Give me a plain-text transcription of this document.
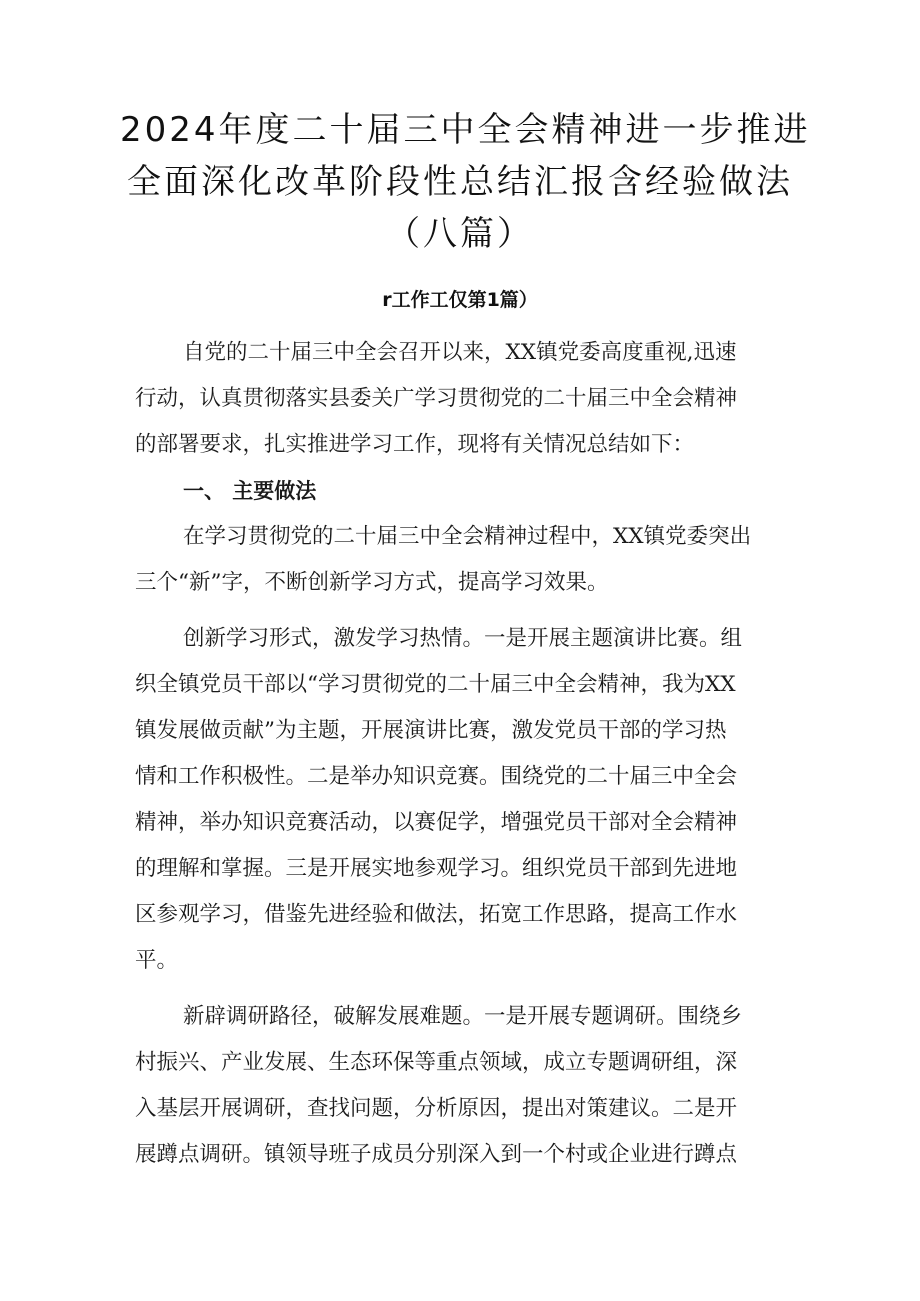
2024年度二十届三中全会精神进一步推进
全面深化改革阶段性总结汇报含经验做法
（八篇）
r工作工仅第1篇）
自党的二十届三中全会召开以来，XX镇党委高度重视,迅速
行动，认真贯彻落实县委关广学习贯彻党的二十届三中全会精神
的部署要求，扎实推进学习工作，现将有关情况总结如下：
一、 主要做法
在学习贯彻党的二十届三中全会精神过程中，XX镇党委突出
三个“新”字，不断创新学习方式，提高学习效果。
创新学习形式，激发学习热情。一是开展主题演讲比赛。组
织全镇党员干部以“学习贯彻党的二十届三中全会精神，我为XX
镇发展做贡献”为主题，开展演讲比赛，激发党员干部的学习热
情和工作积极性。二是举办知识竞赛。围绕党的二十届三中全会
精神，举办知识竞赛活动，以赛促学，增强党员干部对全会精神
的理解和掌握。三是开展实地参观学习。组织党员干部到先进地
区参观学习，借鉴先进经验和做法，拓宽工作思路，提高工作水
平。
新辟调研路径，破解发展难题。一是开展专题调研。围绕乡
村振兴、产业发展、生态环保等重点领域，成立专题调研组，深
入基层开展调研，查找问题，分析原因，提出对策建议。二是开
展蹲点调研。镇领导班子成员分别深入到一个村或企业进行蹲点
